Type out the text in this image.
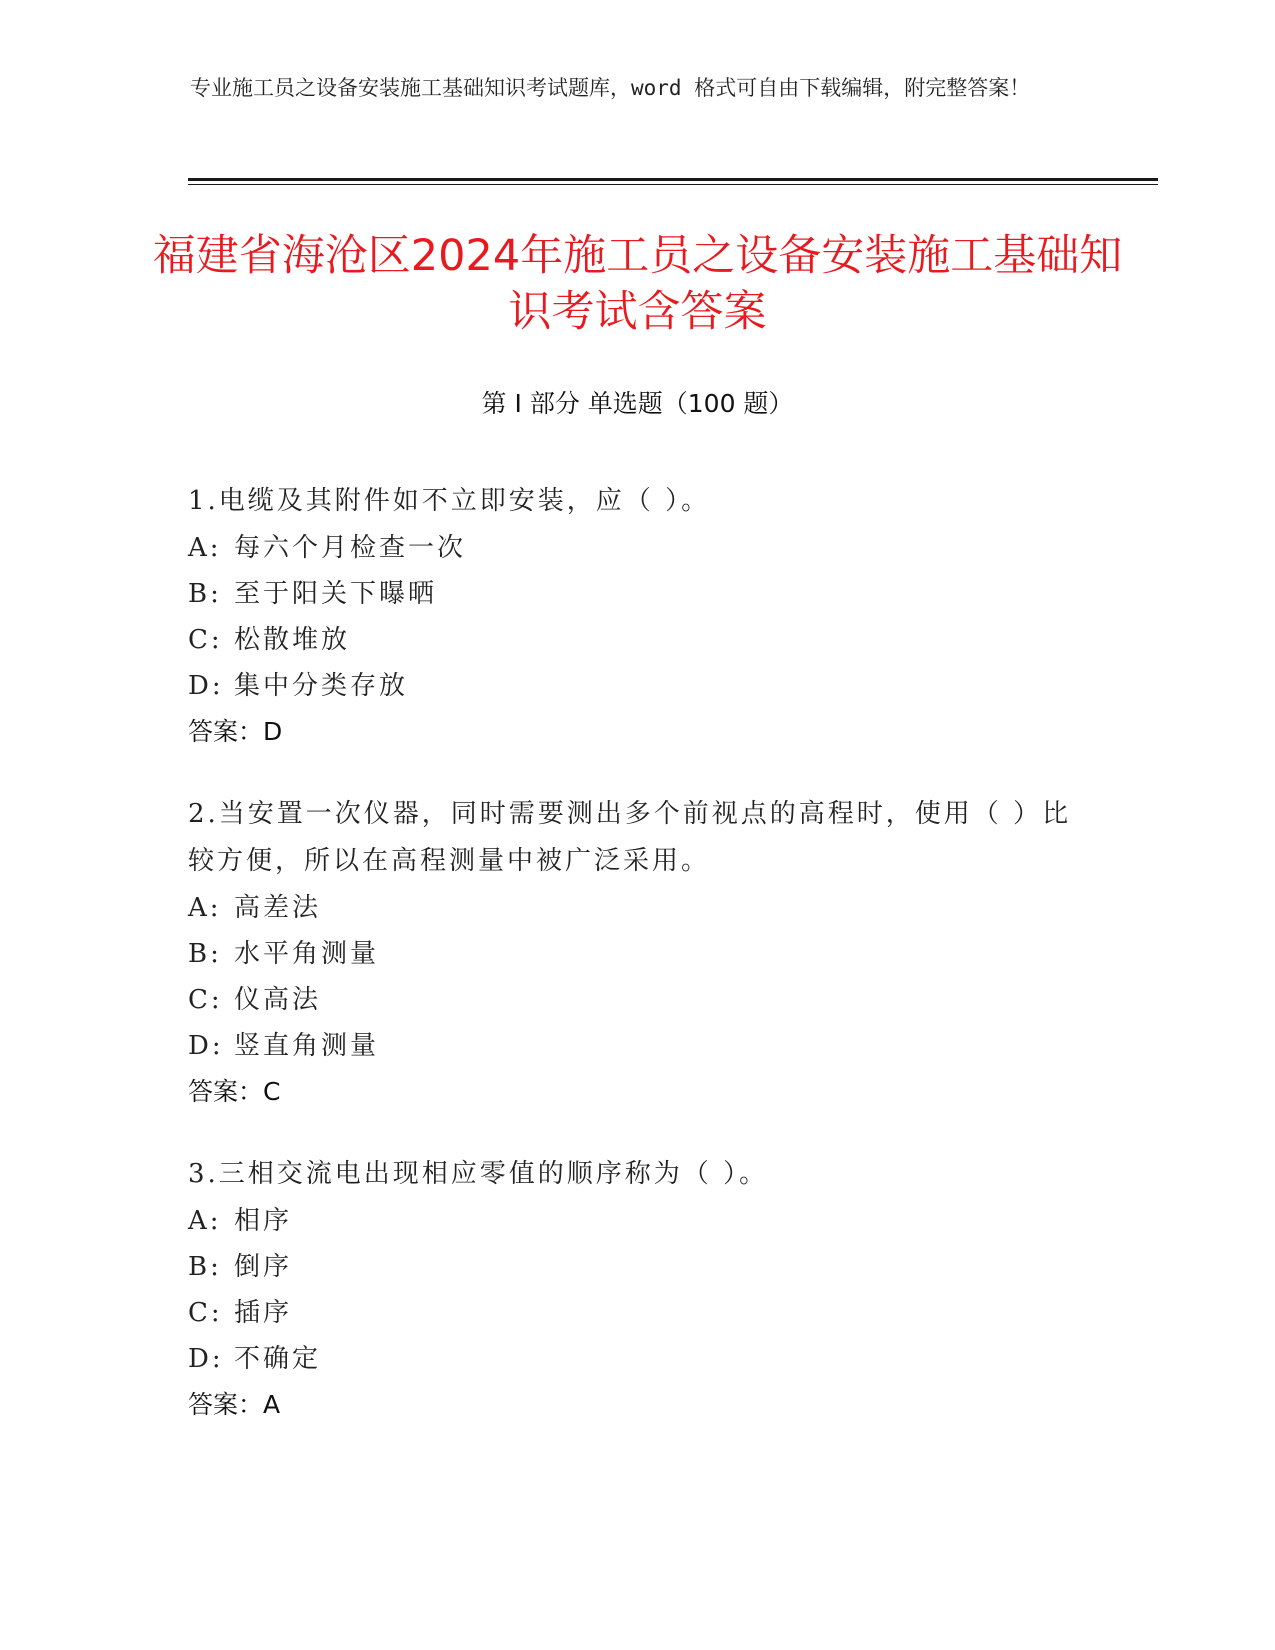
专业施工员之设备安装施工基础知识考试题库，word 格式可自由下载编辑，附完整答案！
福建省海沧区2024年施工员之设备安装施工基础知识考试含答案
第 I 部分 单选题（100 题）
1.电缆及其附件如不立即安装，应（ ）。
A: 每六个月检查一次
B: 至于阳关下曝晒
C: 松散堆放
D: 集中分类存放
答案：D
2.当安置一次仪器，同时需要测出多个前视点的高程时，使用（ ）比较方便，所以在高程测量中被广泛采用。
A: 高差法
B: 水平角测量
C: 仪高法
D: 竖直角测量
答案：C
3.三相交流电出现相应零值的顺序称为（ ）。
A: 相序
B: 倒序
C: 插序
D: 不确定
答案：A
